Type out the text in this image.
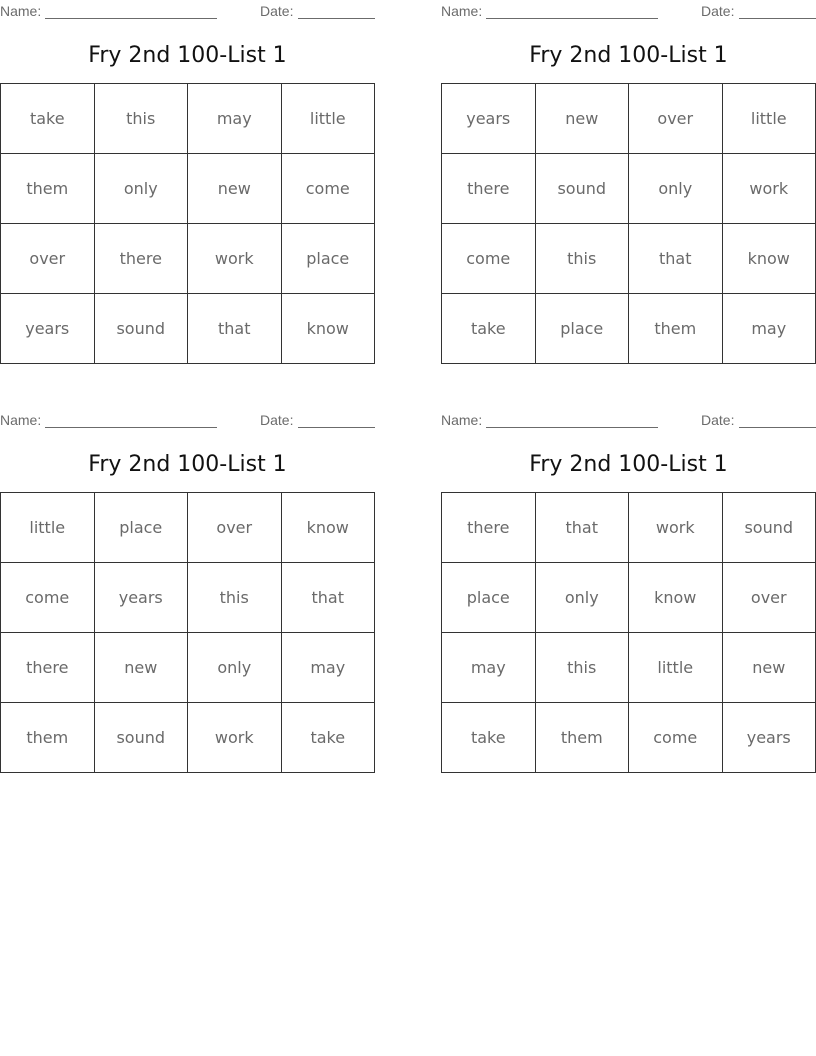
Name:	Date:
Fry 2nd 100-List 1
take	this	may	little
them	only	new	come
over	there	work	place
years	sound	that	know
Name:	Date:
Fry 2nd 100-List 1
years	new	over	little
there	sound	only	work
come	this	that	know
take	place	them	may
Name:	Date:
Fry 2nd 100-List 1
little	place	over	know
come	years	this	that
there	new	only	may
them	sound	work	take
Name:	Date:
Fry 2nd 100-List 1
there	that	work	sound
place	only	know	over
may	this	little	new
take	them	come	years
